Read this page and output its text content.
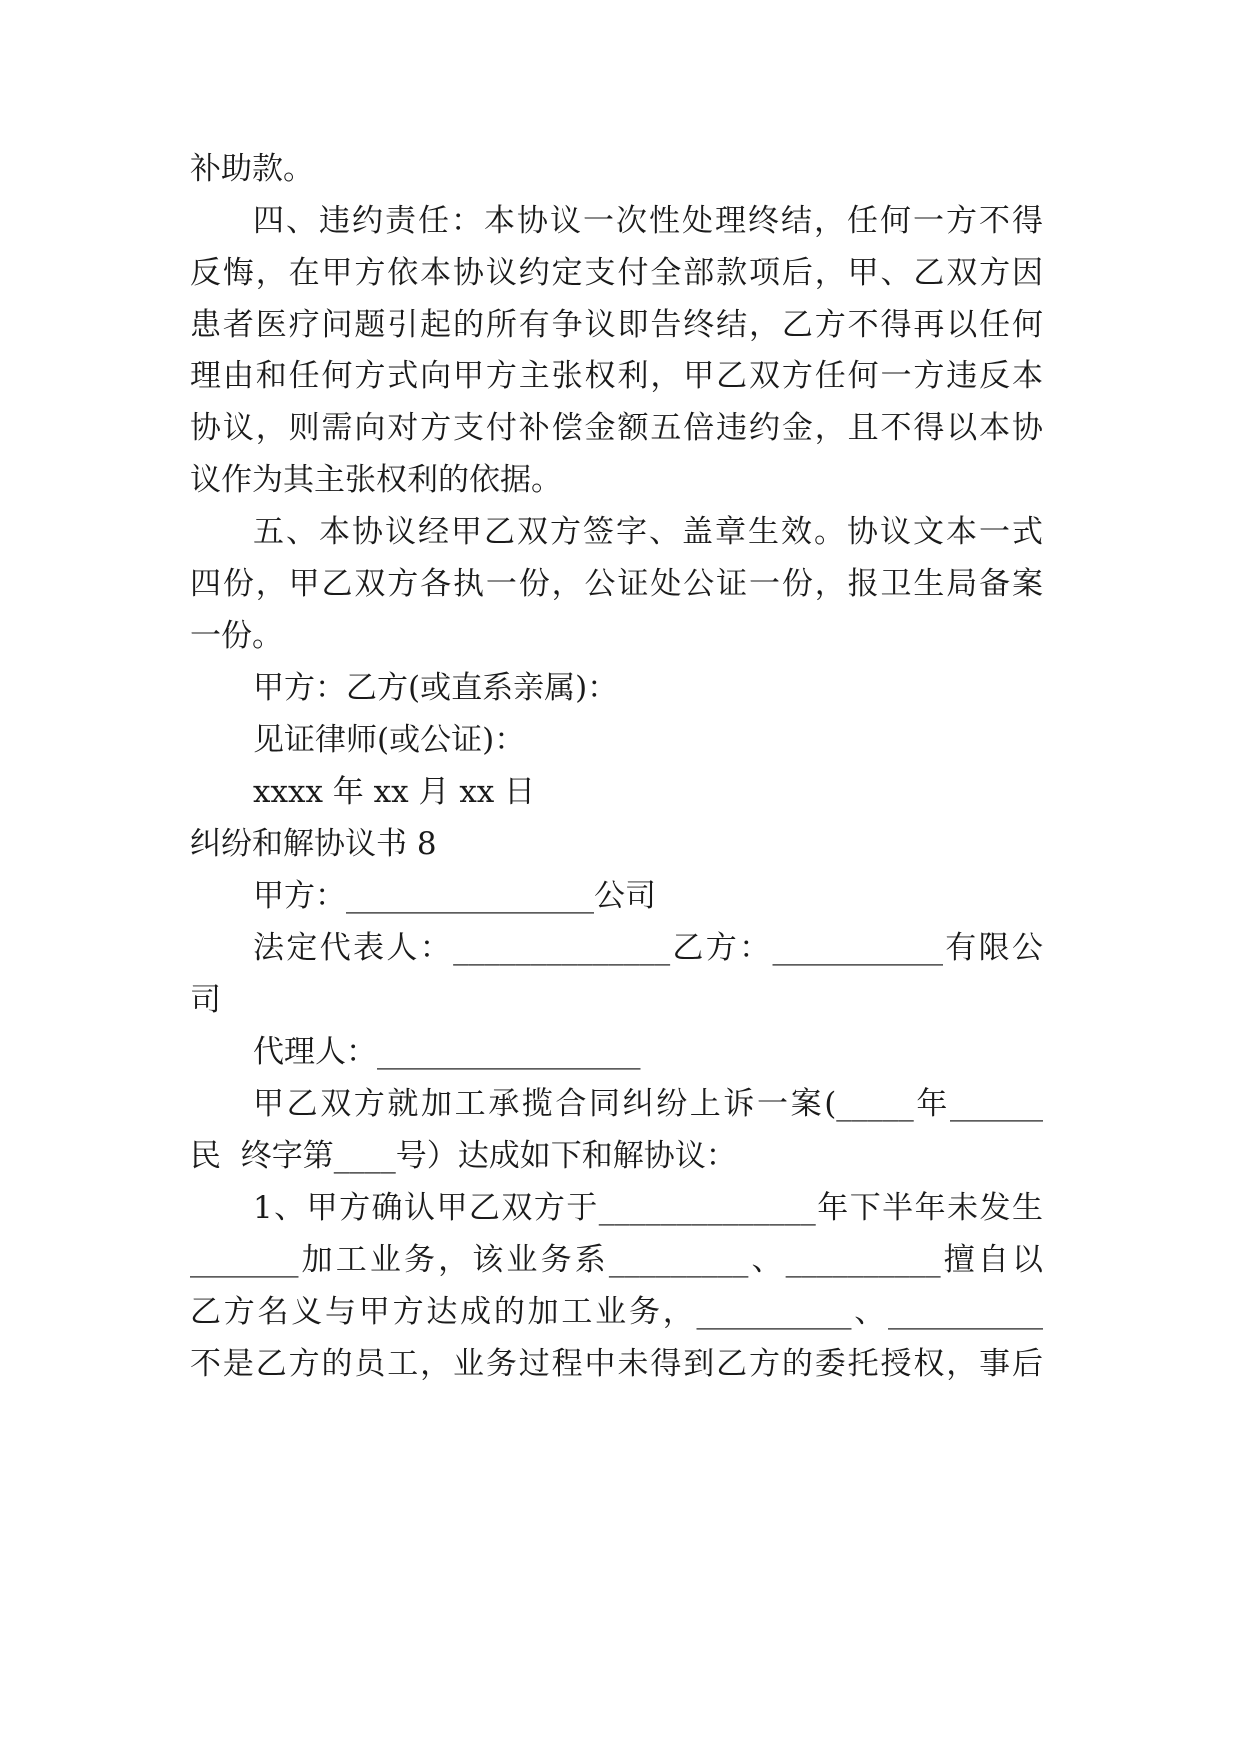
补助款。

四、违约责任：本协议一次性处理终结，任何一方不得

反悔，在甲方依本协议约定支付全部款项后，甲、乙双方因

患者医疗问题引起的所有争议即告终结，乙方不得再以任何

理由和任何方式向甲方主张权利，甲乙双方任何一方违反本

协议，则需向对方支付补偿金额五倍违约金，且不得以本协

议作为其主张权利的依据。

五、本协议经甲乙双方签字、盖章生效。协议文本一式

四份，甲乙双方各执一份，公证处公证一份，报卫生局备案

一份。

甲方：乙方(或直系亲属)：

见证律师(或公证)：

xxxx 年 xx 月 xx 日

纠纷和解协议书 8

甲方：________________公司

法定代表人：______________乙方：___________有限公

司

代理人：_________________

甲乙双方就加工承揽合同纠纷上诉一案(_____年______

民  终字第____号）达成如下和解协议：

1、甲方确认甲乙双方于______________年下半年未发生

_______加工业务，该业务系_________、__________擅自以

乙方名义与甲方达成的加工业务，__________、__________

不是乙方的员工，业务过程中未得到乙方的委托授权，事后
